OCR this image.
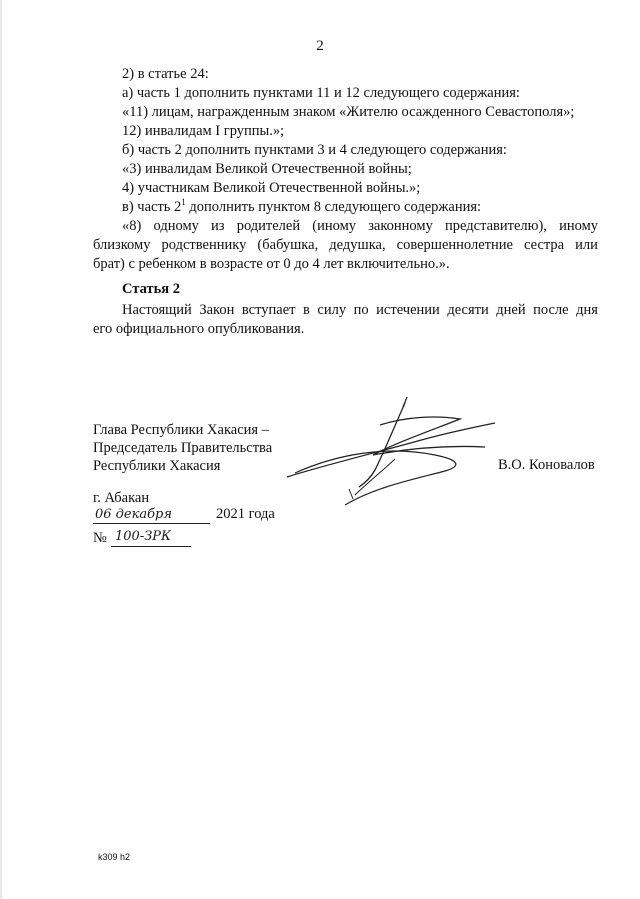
2
2) в статье 24:
а) часть 1 дополнить пунктами 11 и 12 следующего содержания:
«11) лицам, награжденным знаком «Жителю осажденного Севастополя»;
12) инвалидам I группы.»;
б) часть 2 дополнить пунктами 3 и 4 следующего содержания:
«3) инвалидам Великой Отечественной войны;
4) участникам Великой Отечественной войны.»;
в) часть $2^1$ дополнить пунктом 8 следующего содержания:
«8) одному из родителей (иному законному представителю), иному
близкому родственнику (бабушка, дедушка, совершеннолетние сестра или
брат) с ребенком в возрасте от 0 до 4 лет включительно.».
Статья 2
Настоящий Закон вступает в силу по истечении десяти дней после дня
его официального опубликования.
Глава Республики Хакасия –
Председатель Правительства
Республики Хакасия	В.О. Коновалов
г. Абакан
06 декабря	2021 года
№ 100-ЗРК
k309 h2
